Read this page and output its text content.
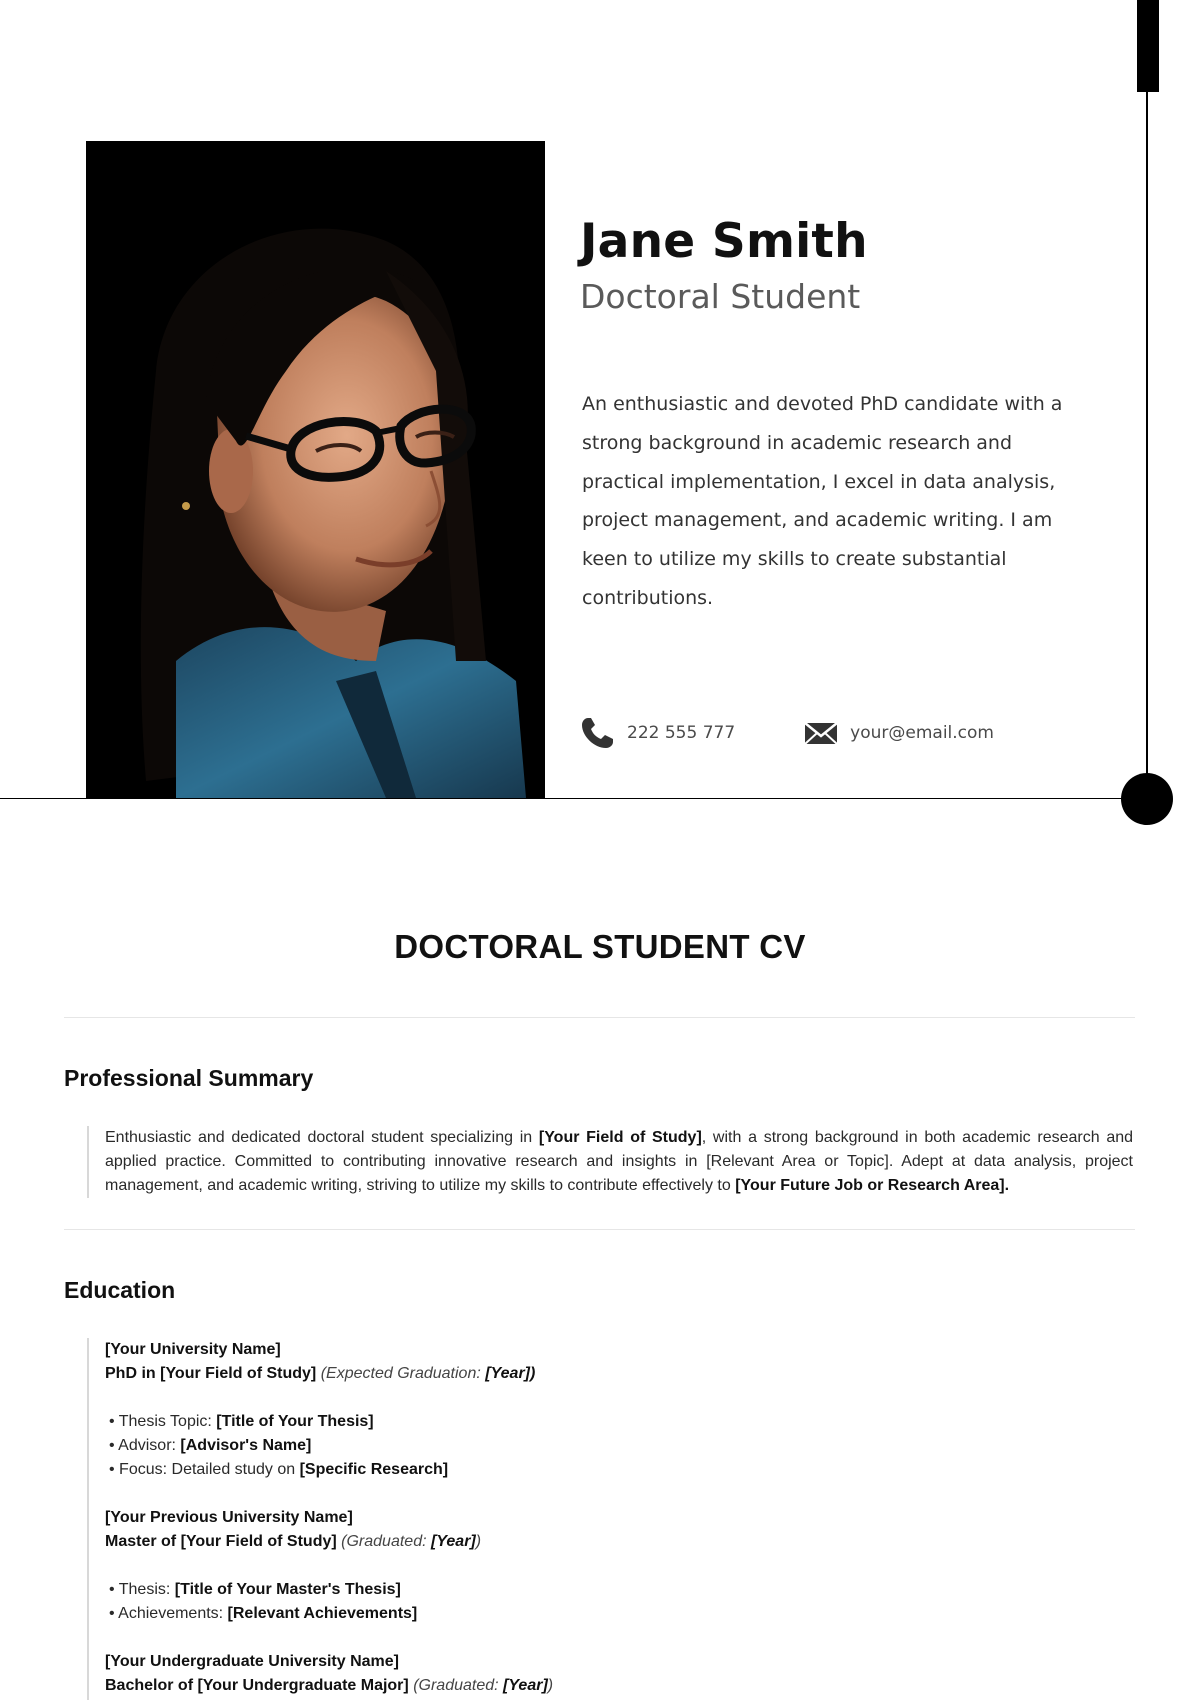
Jane Smith
Doctoral Student

An enthusiastic and devoted PhD candidate with a strong background in academic research and practical implementation, I excel in data analysis, project management, and academic writing. I am keen to utilize my skills to create substantial contributions.

222 555 777	your@email.com
DOCTORAL STUDENT CV
Professional Summary

Enthusiastic and dedicated doctoral student specializing in [Your Field of Study], with a strong background in both academic research and applied practice. Committed to contributing innovative research and insights in [Relevant Area or Topic]. Adept at data analysis, project management, and academic writing, striving to utilize my skills to contribute effectively to [Your Future Job or Research Area].

Education
[Your University Name]
PhD in [Your Field of Study] (Expected Graduation: [Year])
• Thesis Topic: [Title of Your Thesis]
• Advisor: [Advisor's Name]
• Focus: Detailed study on [Specific Research]
[Your Previous University Name]
Master of [Your Field of Study] (Graduated: [Year])
• Thesis: [Title of Your Master's Thesis]
• Achievements: [Relevant Achievements]
[Your Undergraduate University Name]
Bachelor of [Your Undergraduate Major] (Graduated: [Year])
